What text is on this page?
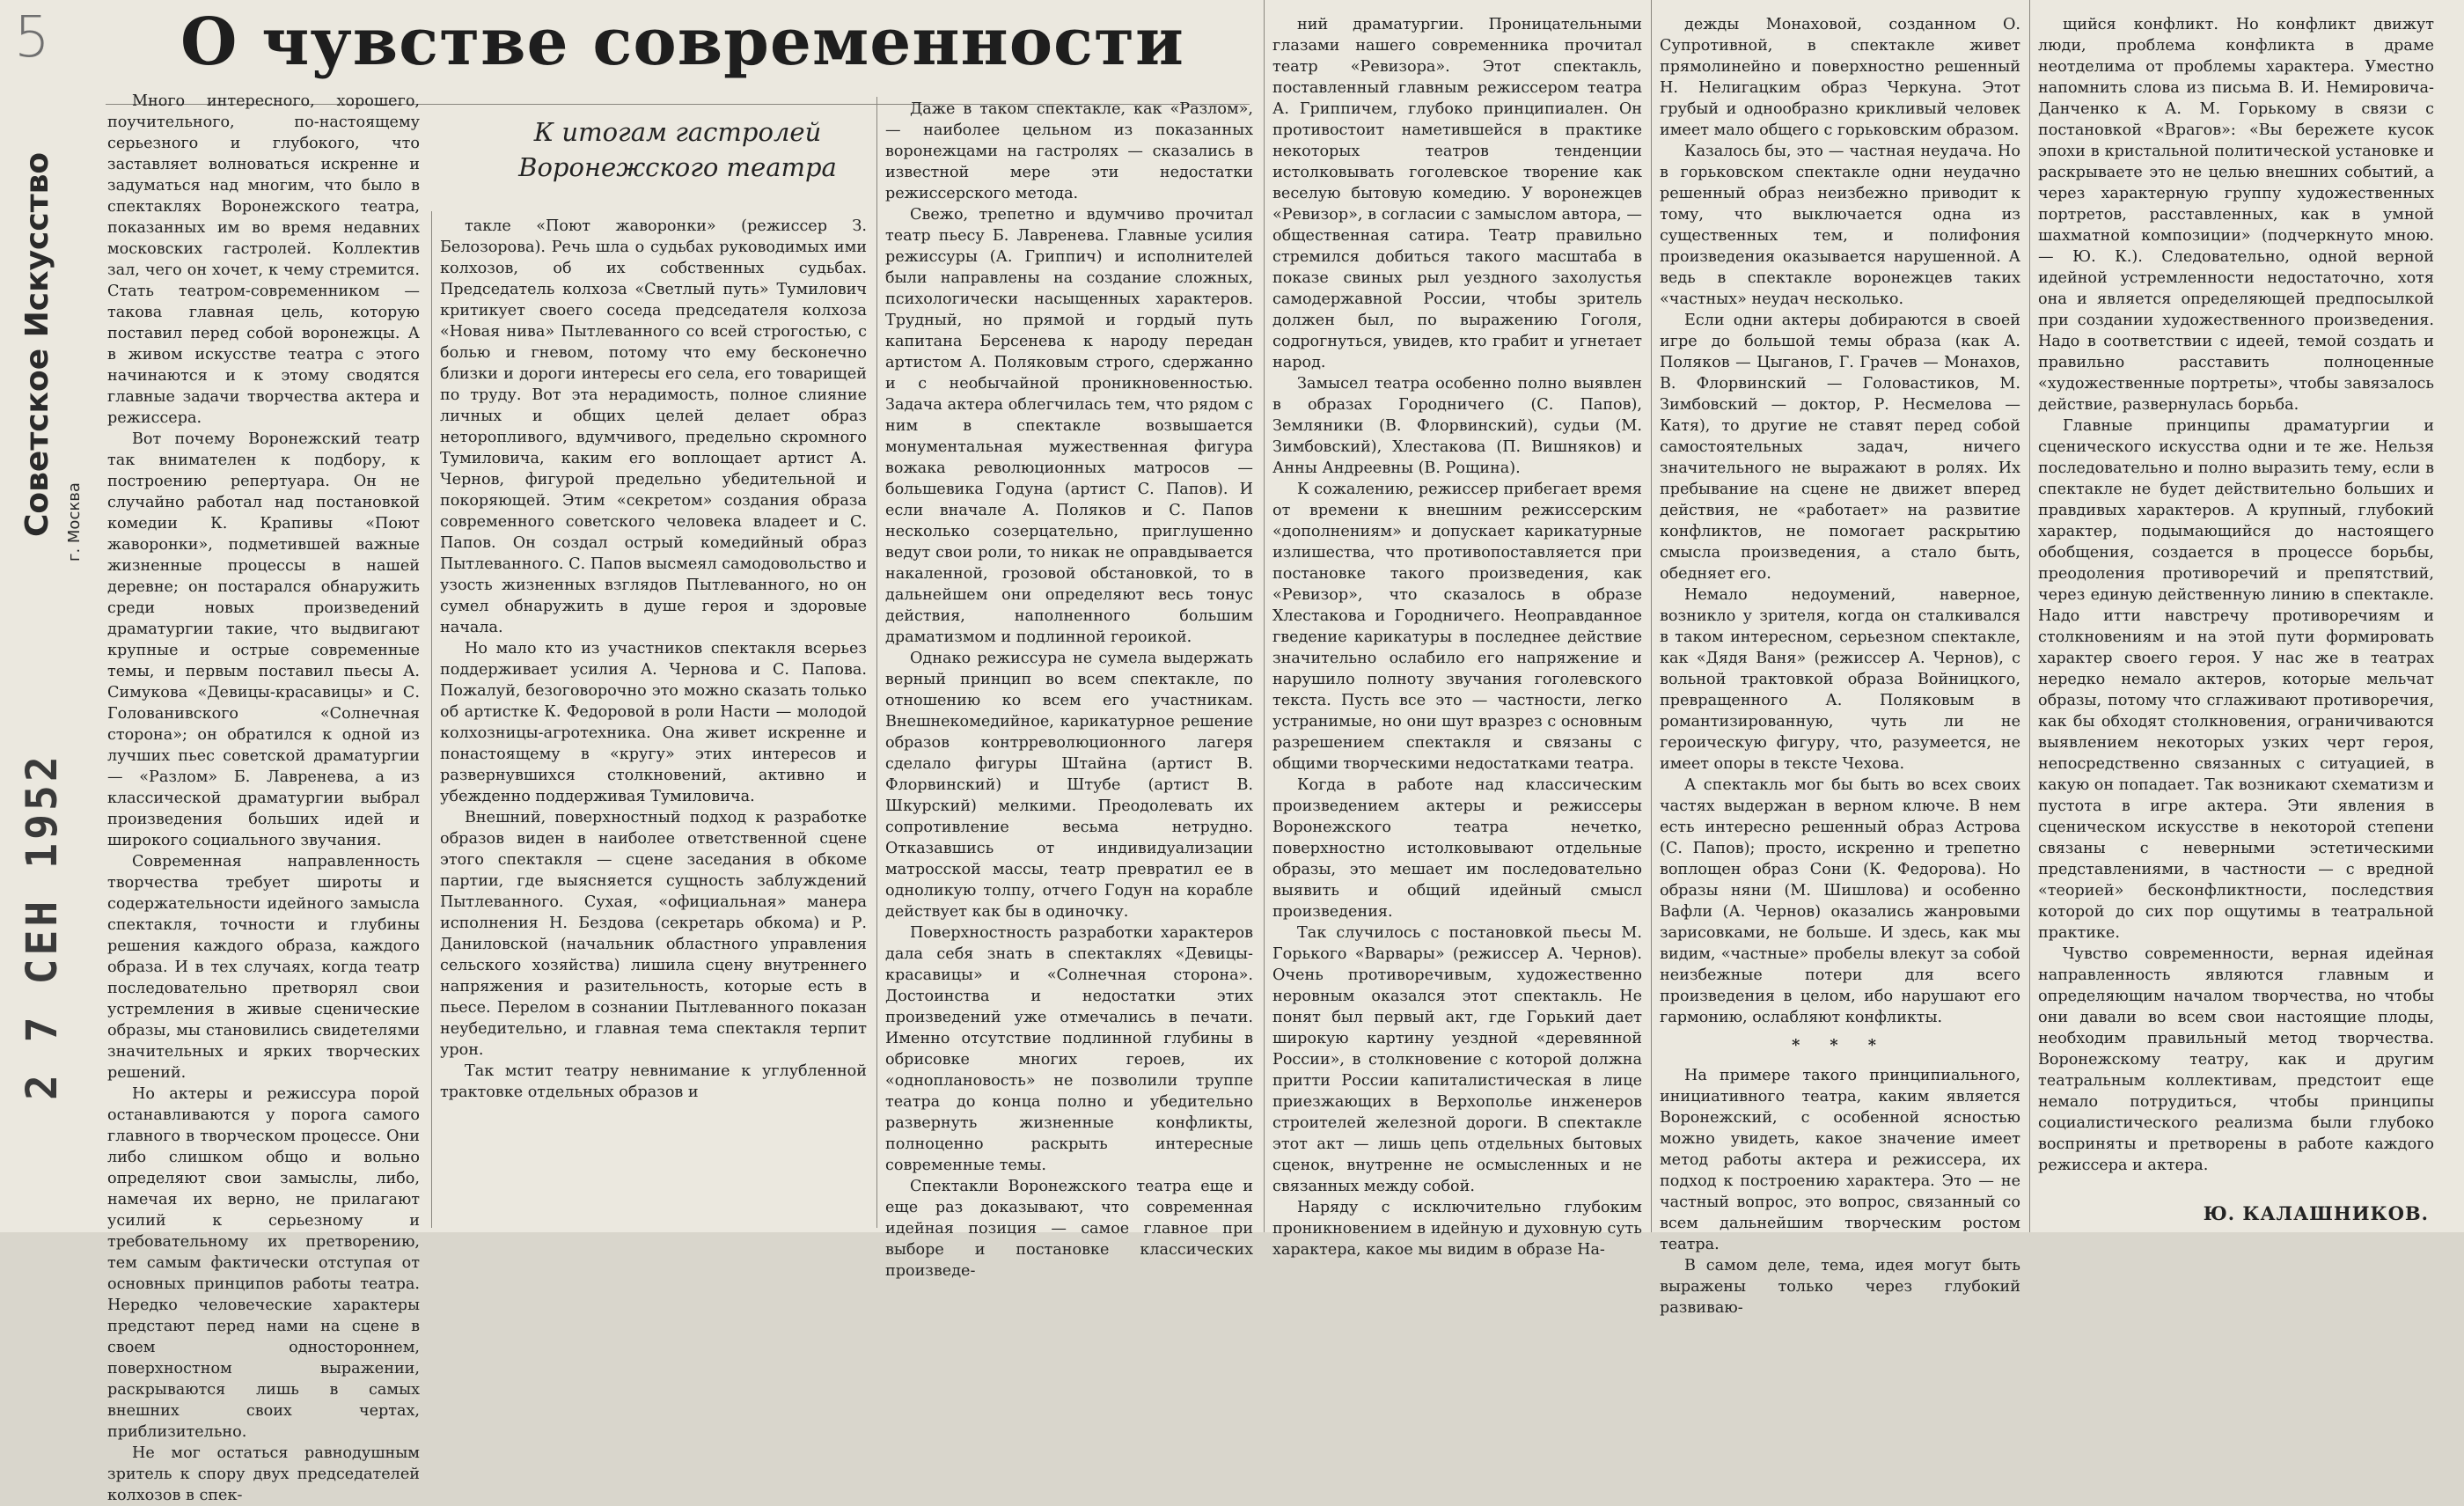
5
Советское Искусство г. Москва
2 7 СЕН 1952
О чувстве современности
К итогам гастролей
Воронежского театра

Много интересного, хорошего, поучительного, по-настоящему серьезного и глубокого, что заставляет волноваться искренне и задуматься над многим, что было в спектаклях Воронежского театра, показанных им во время недавних московских гастролей. Коллектив зал, чего он хочет, к чему стремится. Стать театром-современником — такова главная цель, которую поставил перед собой воронежцы. А в живом искусстве театра с этого начинаются и к этому сводятся главные задачи творчества актера и режиссера.

Вот почему Воронежский театр так внимателен к подбору, к построению репертуара. Он не случайно работал над постановкой комедии К. Крапивы «Поют жаворонки», подметившей важные жизненные процессы в нашей деревне; он постарался обнаружить среди новых произведений драматургии такие, что выдвигают крупные и острые современные темы, и первым поставил пьесы А. Симукова «Девицы-красавицы» и С. Голованивского «Солнечная сторона»; он обратился к одной из лучших пьес советской драматургии — «Разлом» Б. Лавренева, а из классической драматургии выбрал произведения больших идей и широкого социального звучания.

Современная направленность творчества требует широты и содержательности идейного замысла спектакля, точности и глубины решения каждого образа, каждого образа. И в тех случаях, когда театр последовательно претворял свои устремления в живые сценические образы, мы становились свидетелями значительных и ярких творческих решений.

Но актеры и режиссура порой останавливаются у порога самого главного в творческом процессе. Они либо слишком общо и вольно определяют свои замыслы, либо, намечая их верно, не прилагают усилий к серьезному и требовательному их претворению, тем самым фактически отступая от основных принципов работы театра. Нередко человеческие характеры предстают перед нами на сцене в своем одностороннем, поверхностном выражении, раскрываются лишь в самых внешних своих чертах, приблизительно.

Не мог остаться равнодушным зритель к спору двух председателей колхозов в спек-

такле «Поют жаворонки» (режиссер З. Белозорова). Речь шла о судьбах руководимых ими колхозов, об их собственных судьбах. Председатель колхоза «Светлый путь» Тумилович критикует своего соседа председателя колхоза «Новая нива» Пытлеванного со всей строгостью, с болью и гневом, потому что ему бесконечно близки и дороги интересы его села, его товарищей по труду. Вот эта нерадимость, полное слияние личных и общих целей делает образ неторопливого, вдумчивого, предельно скромного Тумиловича, каким его воплощает артист А. Чернов, фигурой предельно убедительной и покоряющей. Этим «секретом» создания образа современного советского человека владеет и С. Папов. Он создал острый комедийный образ Пытлеванного. С. Папов высмеял самодовольство и узость жизненных взглядов Пытлеванного, но он сумел обнаружить в душе героя и здоровые начала.

Но мало кто из участников спектакля всерьез поддерживает усилия А. Чернова и С. Папова. Пожалуй, безоговорочно это можно сказать только об артистке К. Федоровой в роли Насти — молодой колхозницы-агротехника. Она живет искренне и понастоящему в «кругу» этих интересов и развернувшихся столкновений, активно и убежденно поддерживая Тумиловича.

Внешний, поверхностный подход к разработке образов виден в наиболее ответственной сцене этого спектакля — сцене заседания в обкоме партии, где выясняется сущность заблуждений Пытлеванного. Сухая, «официальная» манера исполнения Н. Бездова (секретарь обкома) и Р. Даниловской (начальник областного управления сельского хозяйства) лишила сцену внутреннего напряжения и разительность, которые есть в пьесе. Перелом в сознании Пытлеванного показан неубедительно, и главная тема спектакля терпит урон.

Так мстит театру невнимание к углубленной трактовке отдельных образов и

Даже в таком спектакле, как «Разлом», — наиболее цельном из показанных воронежцами на гастролях — сказались в известной мере эти недостатки режиссерского метода.

Свежо, трепетно и вдумчиво прочитал театр пьесу Б. Лавренева. Главные усилия режиссуры (А. Гриппич) и исполнителей были направлены на создание сложных, психологически насыщенных характеров. Трудный, но прямой и гордый путь капитана Берсенева к народу передан артистом А. Поляковым строго, сдержанно и с необычайной проникновенностью. Задача актера облегчилась тем, что рядом с ним в спектакле возвышается монументальная мужественная фигура вожака революционных матросов — большевика Годуна (артист С. Папов). И если вначале А. Поляков и С. Папов несколько созерцательно, приглушенно ведут свои роли, то никак не оправдывается накаленной, грозовой обстановкой, то в дальнейшем они определяют весь тонус действия, наполненного большим драматизмом и подлинной героикой.

Однако режиссура не сумела выдержать верный принцип во всем спектакле, по отношению ко всем его участникам. Внешнекомедийное, карикатурное решение образов контрреволюционного лагеря сделало фигуры Штайна (артист В. Флорвинский) и Штубе (артист В. Шкурский) мелкими. Преодолевать их сопротивление весьма нетрудно. Отказавшись от индивидуализации матросской массы, театр превратил ее в одноликую толпу, отчего Годун на корабле действует как бы в одиночку.

Поверхностность разработки характеров дала себя знать в спектаклях «Девицы-красавицы» и «Солнечная сторона». Достоинства и недостатки этих произведений уже отмечались в печати. Именно отсутствие подлинной глубины в обрисовке многих героев, их «одноплановость» не позволили труппе театра до конца полно и убедительно развернуть жизненные конфликты, полноценно раскрыть интересные современные темы.

Спектакли Воронежского театра еще и еще раз доказывают, что современная идейная позиция — самое главное при выборе и постановке классических произведе-

ний драматургии. Проницательными глазами нашего современника прочитал театр «Ревизора». Этот спектакль, поставленный главным режиссером театра А. Гриппичем, глубоко принципиален. Он противостоит наметившейся в практике некоторых театров тенденции истолковывать гоголевское творение как веселую бытовую комедию. У воронежцев «Ревизор», в согласии с замыслом автора, — общественная сатира. Театр правильно стремился добиться такого масштаба в показе свиных рыл уездного захолустья самодержавной России, чтобы зритель должен был, по выражению Гоголя, содрогнуться, увидев, кто грабит и угнетает народ.

Замысел театра особенно полно выявлен в образах Городничего (С. Папов), Земляники (В. Флорвинский), судьи (М. Зимбовский), Хлестакова (П. Вишняков) и Анны Андреевны (В. Рощина).

К сожалению, режиссер прибегает время от времени к внешним режиссерским «дополнениям» и допускает карикатурные излишества, что противопоставляется при постановке такого произведения, как «Ревизор», что сказалось в образе Хлестакова и Городничего. Неоправданное гведение карикатуры в последнее действие значительно ослабило его напряжение и нарушило полноту звучания гоголевского текста. Пусть все это — частности, легко устранимые, но они шут вразрез с основным разрешением спектакля и связаны с общими творческими недостатками театра.

Когда в работе над классическим произведением актеры и режиссеры Воронежского театра нечетко, поверхностно истолковывают отдельные образы, это мешает им последовательно выявить и общий идейный смысл произведения.

Так случилось с постановкой пьесы М. Горького «Варвары» (режиссер А. Чернов). Очень противоречивым, художественно неровным оказался этот спектакль. Не понят был первый акт, где Горький дает широкую картину уездной «деревянной России», в столкновение с которой должна притти России капиталистическая в лице приезжающих в Верхополье инженеров строителей железной дороги. В спектакле этот акт — лишь цепь отдельных бытовых сценок, внутренне не осмысленных и не связанных между собой.

Наряду с исключительно глубоким проникновением в идейную и духовную суть характера, какое мы видим в образе На-

дежды Монаховой, созданном О. Супротивной, в спектакле живет прямолинейно и поверхностно решенный Н. Нелигацким образ Черкуна. Этот грубый и однообразно крикливый человек имеет мало общего с горьковским образом.

Казалось бы, это — частная неудача. Но в горьковском спектакле одни неудачно решенный образ неизбежно приводит к тому, что выключается одна из существенных тем, и полифония произведения оказывается нарушенной. А ведь в спектакле воронежцев таких «частных» неудач несколько.

Если одни актеры добираются в своей игре до большой темы образа (как А. Поляков — Цыганов, Г. Грачев — Монахов, В. Флорвинский — Головастиков, М. Зимбовский — доктор, Р. Несмелова — Катя), то другие не ставят перед собой самостоятельных задач, ничего значительного не выражают в ролях. Их пребывание на сцене не движет вперед действия, не «работает» на развитие конфликтов, не помогает раскрытию смысла произведения, а стало быть, обедняет его.

Немало недоумений, наверное, возникло у зрителя, когда он сталкивался в таком интересном, серьезном спектакле, как «Дядя Ваня» (режиссер А. Чернов), с вольной трактовкой образа Войницкого, превращенного А. Поляковым в романтизированную, чуть ли не героическую фигуру, что, разумеется, не имеет опоры в тексте Чехова.

А спектакль мог бы быть во всех своих частях выдержан в верном ключе. В нем есть интересно решенный образ Астрова (С. Папов); просто, искренно и трепетно воплощен образ Сони (К. Федорова). Но образы няни (М. Шишлова) и особенно Вафли (А. Чернов) оказались жанровыми зарисовками, не больше. И здесь, как мы видим, «частные» пробелы влекут за собой неизбежные потери для всего произведения в целом, ибо нарушают его гармонию, ослабляют конфликты.

* * *

На примере такого принципиального, инициативного театра, каким является Воронежский, с особенной ясностью можно увидеть, какое значение имеет метод работы актера и режиссера, их подход к построению характера. Это — не частный вопрос, это вопрос, связанный со всем дальнейшим творческим ростом театра.

В самом деле, тема, идея могут быть выражены только через глубокий развиваю-

щийся конфликт. Но конфликт движут люди, проблема конфликта в драме неотделима от проблемы характера. Уместно напомнить слова из письма В. И. Немировича-Данченко к А. М. Горькому в связи с постановкой «Врагов»: «Вы бережете кусок эпохи в кристальной политической установке и раскрываете это не целью внешних событий, а через характерную группу художественных портретов, расставленных, как в умной шахматной композиции» (подчеркнуто мною. — Ю. К.). Следовательно, одной верной идейной устремленности недостаточно, хотя она и является определяющей предпосылкой при создании художественного произведения. Надо в соответствии с идеей, темой создать и правильно расставить полноценные «художественные портреты», чтобы завязалось действие, развернулась борьба.

Главные принципы драматургии и сценического искусства одни и те же. Нельзя последовательно и полно выразить тему, если в спектакле не будет действительно больших и правдивых характеров. А крупный, глубокий характер, подымающийся до настоящего обобщения, создается в процессе борьбы, преодоления противоречий и препятствий, через единую действенную линию в спектакле. Надо итти навстречу противоречиям и столкновениям и на этой пути формировать характер своего героя. У нас же в театрах нередко немало актеров, которые мельчат образы, потому что сглаживают противоречия, как бы обходят столкновения, ограничиваются выявлением некоторых узких черт героя, непосредственно связанных с ситуацией, в какую он попадает. Так возникают схематизм и пустота в игре актера. Эти явления в сценическом искусстве в некоторой степени связаны с неверными эстетическими представлениями, в частности — с вредной «теорией» бесконфликтности, последствия которой до сих пор ощутимы в театральной практике.

Чувство современности, верная идейная направленность являются главным и определяющим началом творчества, но чтобы они давали во всем свои настоящие плоды, необходим правильный метод творчества. Воронежскому театру, как и другим театральным коллективам, предстоит еще немало потрудиться, чтобы принципы социалистического реализма были глубоко восприняты и претворены в работе каждого режиссера и актера.

Ю. КАЛАШНИКОВ.
